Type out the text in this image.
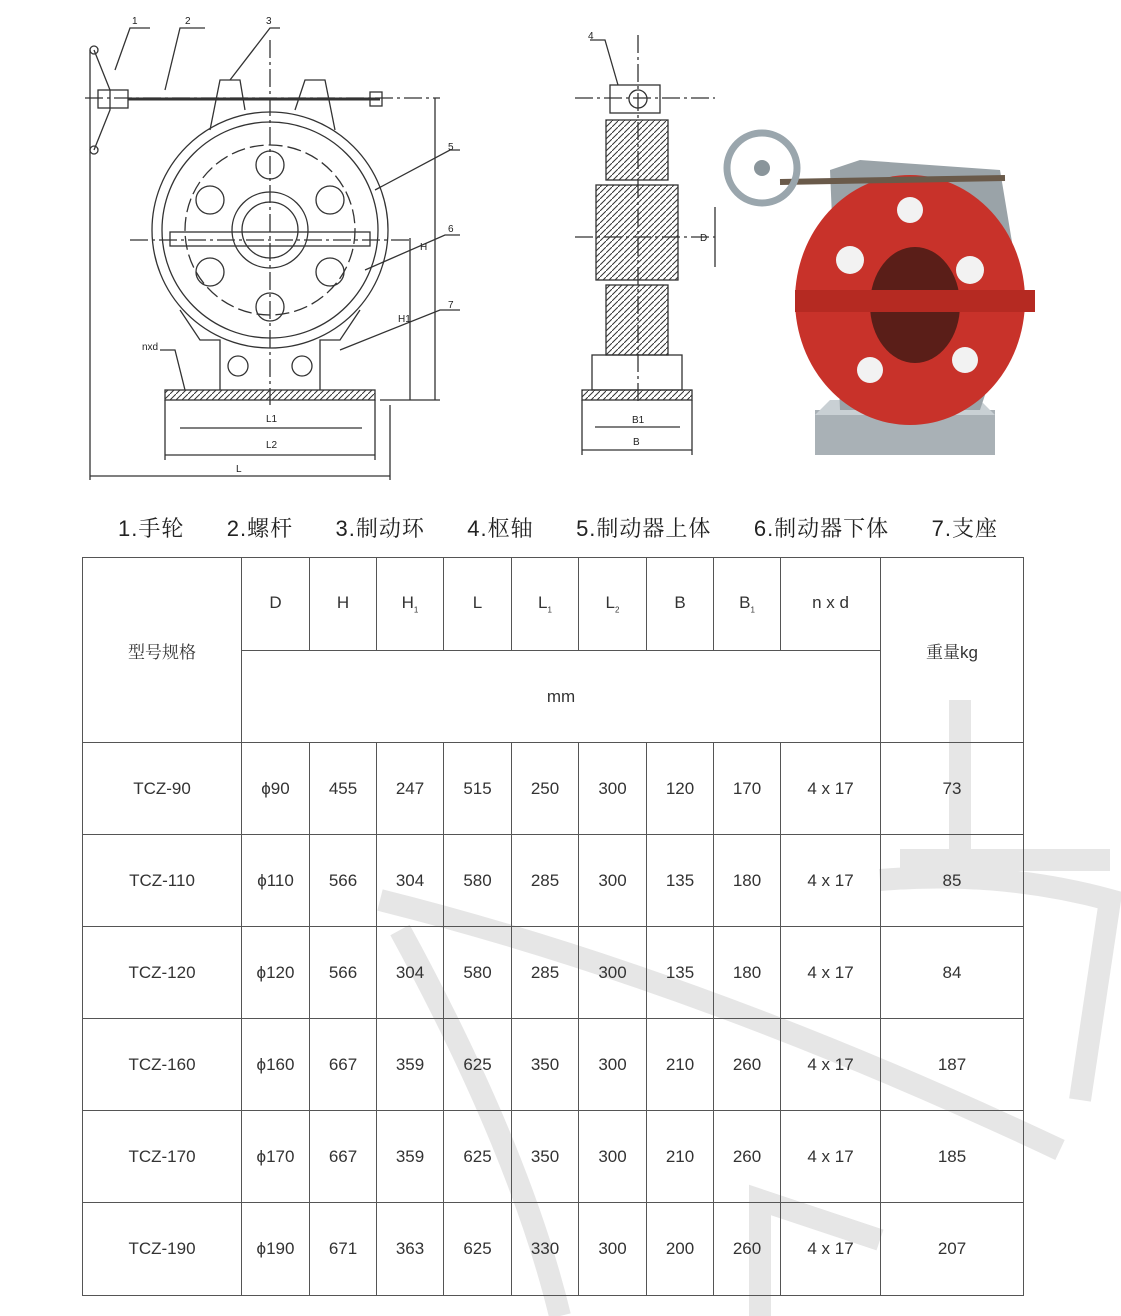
1	2	3
5
6
7
nxd
H
H1
L1
L2
L
4
D
B1
B
1.手轮 2.螺杆 3.制动环 4.枢轴 5.制动器上体 6.制动器下体 7.支座
型号规格	D	H	$H_1$	L	$L_1$	$L_2$	B	$B_1$	n x d	重量kg
	mm									
TCZ-90	ϕ90	455	247	515	250	300	120	170	4 x 17	73
TCZ-110	ϕ110	566	304	580	285	300	135	180	4 x 17	85
TCZ-120	ϕ120	566	304	580	285	300	135	180	4 x 17	84
TCZ-160	ϕ160	667	359	625	350	300	210	260	4 x 17	187
TCZ-170	ϕ170	667	359	625	350	300	210	260	4 x 17	185
TCZ-190	ϕ190	671	363	625	330	300	200	260	4 x 17	207
